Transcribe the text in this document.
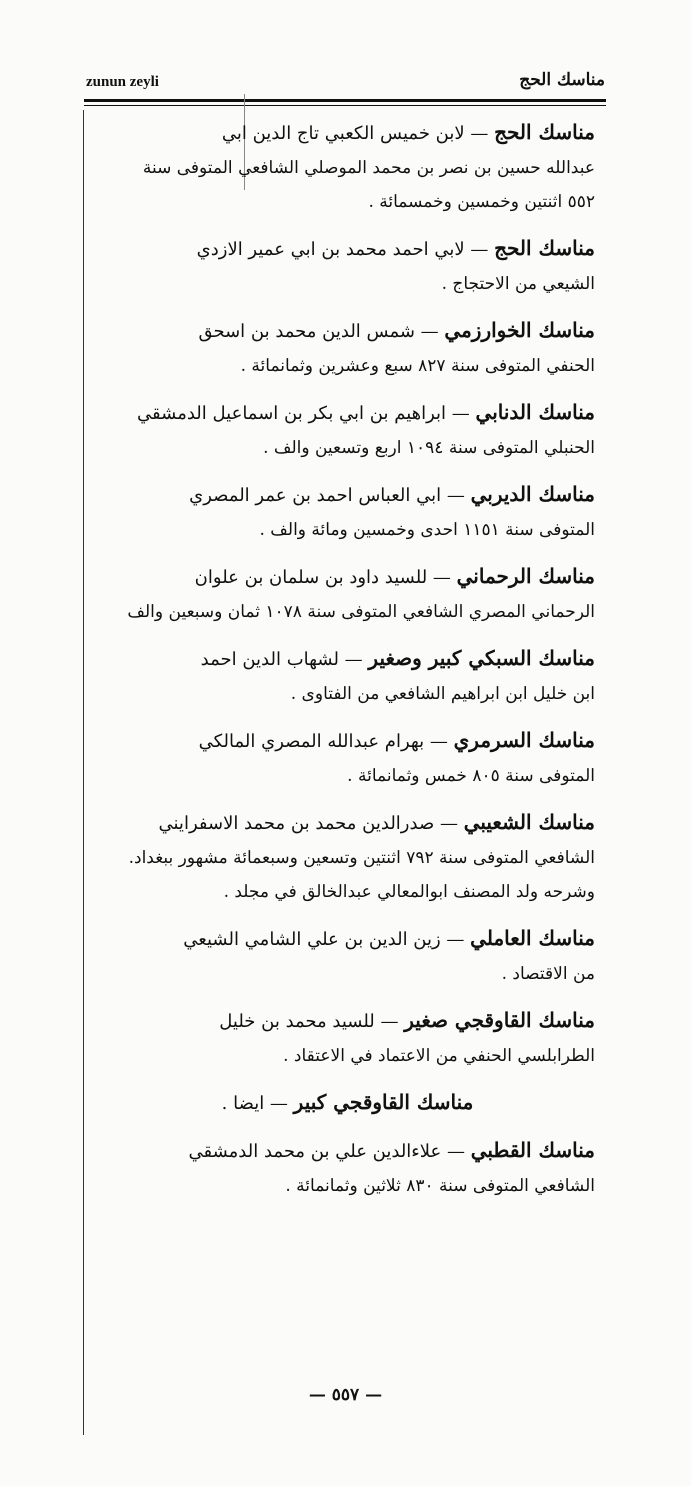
zunun zeyli	مناسك الحج
مناسك الحج — لابن خميس الكعبي تاج الدين ابي
عبدالله حسين بن نصر بن محمد الموصلي الشافعي المتوفى سنة
٥٥٢ اثنتين وخمسين وخمسمائة .
مناسك الحج — لابي احمد محمد بن ابي عمير الازدي
الشيعي من الاحتجاج .
مناسك الخوارزمي — شمس الدين محمد بن اسحق
الحنفي المتوفى سنة ٨٢٧ سبع وعشرين وثمانمائة .
مناسك الدنابي — ابراهيم بن ابي بكر بن اسماعيل الدمشقي
الحنبلي المتوفى سنة ١٠٩٤ اربع وتسعين والف .
مناسك الديربي — ابي العباس احمد بن عمر المصري
المتوفى سنة ١١٥١ احدى وخمسين ومائة والف .
مناسك الرحماني — للسيد داود بن سلمان بن علوان
الرحماني المصري الشافعي المتوفى سنة ١٠٧٨ ثمان وسبعين والف
مناسك السبكي كبير وصغير — لشهاب الدين احمد
ابن خليل ابن ابراهيم الشافعي من الفتاوى .
مناسك السرمري — بهرام عبدالله المصري المالكي
المتوفى سنة ٨٠٥ خمس وثمانمائة .
مناسك الشعيبي — صدرالدين محمد بن محمد الاسفرايني
الشافعي المتوفى سنة ٧٩٢ اثنتين وتسعين وسبعمائة مشهور ببغداد.
وشرحه ولد المصنف ابوالمعالي عبدالخالق في مجلد .
مناسك العاملي — زين الدين بن علي الشامي الشيعي
من الاقتصاد .
مناسك القاوقجي صغير — للسيد محمد بن خليل
الطرابلسي الحنفي من الاعتماد في الاعتقاد .
مناسك القاوقجي كبير — ايضا .
مناسك القطبي — علاءالدين علي بن محمد الدمشقي
الشافعي المتوفى سنة ٨٣٠ ثلاثين وثمانمائة .
— ٥٥٧ —
